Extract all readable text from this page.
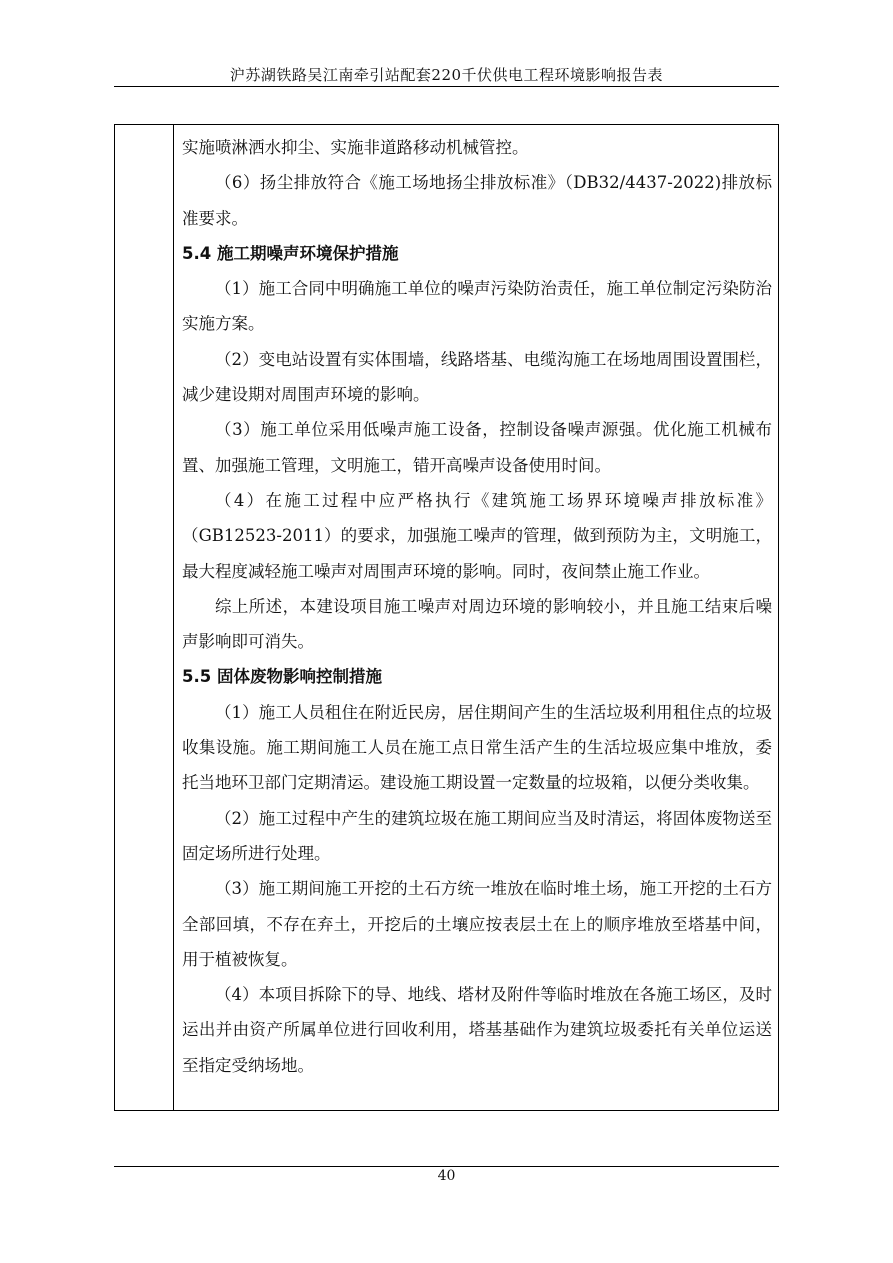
沪苏湖铁路吴江南牵引站配套220千伏供电工程环境影响报告表

实施喷淋洒水抑尘、实施非道路移动机械管控。

（6）扬尘排放符合《施工场地扬尘排放标准》（DB32/4437-2022)排放标准要求。

5.4 施工期噪声环境保护措施

（1）施工合同中明确施工单位的噪声污染防治责任，施工单位制定污染防治实施方案。

（2）变电站设置有实体围墙，线路塔基、电缆沟施工在场地周围设置围栏，减少建设期对周围声环境的影响。

（3）施工单位采用低噪声施工设备，控制设备噪声源强。优化施工机械布置、加强施工管理，文明施工，错开高噪声设备使用时间。

（4）在施工过程中应严格执行《建筑施工场界环境噪声排放标准》（GB12523-2011）的要求，加强施工噪声的管理，做到预防为主，文明施工，最大程度减轻施工噪声对周围声环境的影响。同时，夜间禁止施工作业。

综上所述，本建设项目施工噪声对周边环境的影响较小，并且施工结束后噪声影响即可消失。

5.5 固体废物影响控制措施

（1）施工人员租住在附近民房，居住期间产生的生活垃圾利用租住点的垃圾收集设施。施工期间施工人员在施工点日常生活产生的生活垃圾应集中堆放，委托当地环卫部门定期清运。建设施工期设置一定数量的垃圾箱，以便分类收集。

（2）施工过程中产生的建筑垃圾在施工期间应当及时清运，将固体废物送至固定场所进行处理。

（3）施工期间施工开挖的土石方统一堆放在临时堆土场，施工开挖的土石方全部回填，不存在弃土，开挖后的土壤应按表层土在上的顺序堆放至塔基中间，用于植被恢复。

（4）本项目拆除下的导、地线、塔材及附件等临时堆放在各施工场区，及时运出并由资产所属单位进行回收利用，塔基基础作为建筑垃圾委托有关单位运送至指定受纳场地。

40
